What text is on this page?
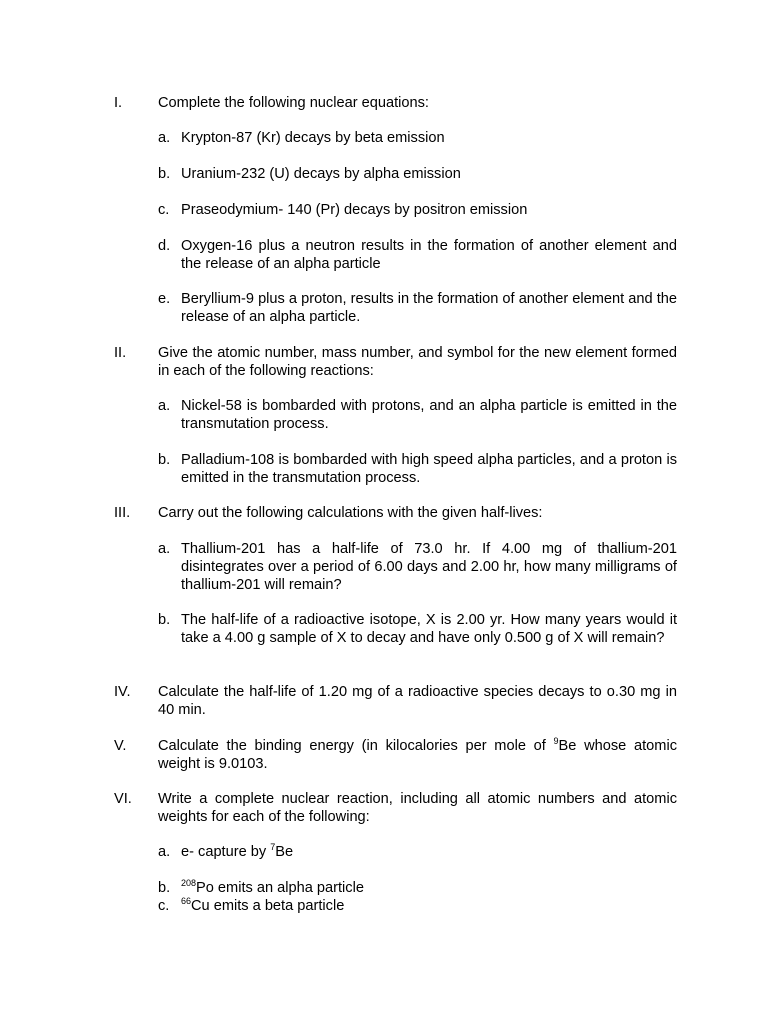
I. Complete the following nuclear equations:
a. Krypton-87 (Kr) decays by beta emission
b. Uranium-232 (U) decays by alpha emission
c. Praseodymium- 140 (Pr) decays by positron emission
d. Oxygen-16 plus a neutron results in the formation of another element and the release of an alpha particle
e. Beryllium-9 plus a proton, results in the formation of another element and the release of an alpha particle.
II. Give the atomic number, mass number, and symbol for the new element formed in each of the following reactions:
a. Nickel-58 is bombarded with protons, and an alpha particle is emitted in the transmutation process.
b. Palladium-108 is bombarded with high speed alpha particles, and a proton is emitted in the transmutation process.
III. Carry out the following calculations with the given half-lives:
a. Thallium-201 has a half-life of 73.0 hr. If 4.00 mg of thallium-201 disintegrates over a period of 6.00 days and 2.00 hr, how many milligrams of thallium-201 will remain?
b. The half-life of a radioactive isotope, X is 2.00 yr. How many years would it take a 4.00 g sample of X to decay and have only 0.500 g of X will remain?
IV. Calculate the half-life of 1.20 mg of a radioactive species decays to o.30 mg in 40 min.
V. Calculate the binding energy (in kilocalories per mole of $^9$Be whose atomic weight is 9.0103.
VI. Write a complete nuclear reaction, including all atomic numbers and atomic weights for each of the following:
a. e- capture by $^7$Be
b. $^{208}$Po emits an alpha particle
c. $^{66}$Cu emits a beta particle
